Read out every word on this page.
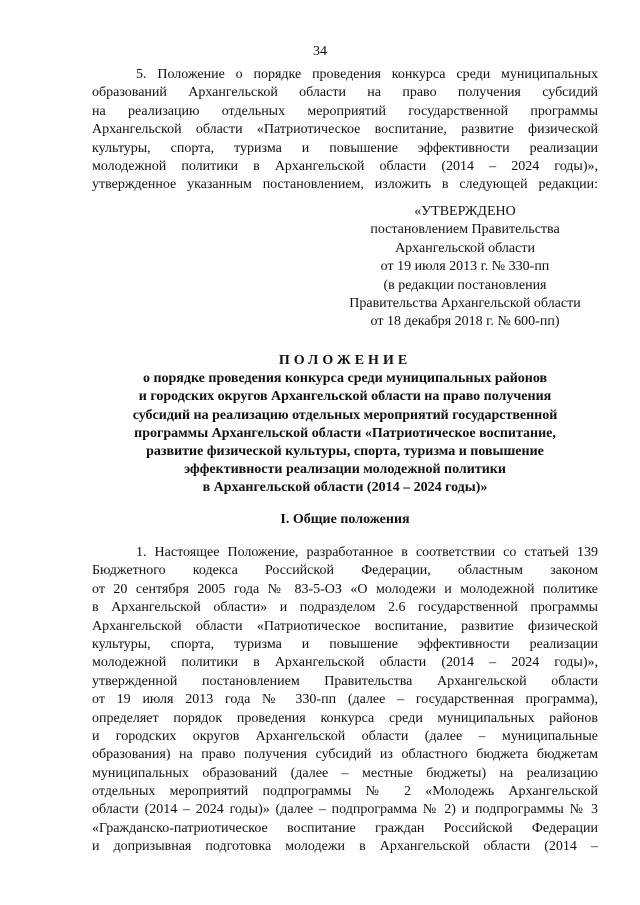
34
5. Положение о порядке проведения конкурса среди муниципальных
образований Архангельской области на право получения субсидий
на реализацию отдельных мероприятий государственной программы
Архангельской области «Патриотическое воспитание, развитие физической
культуры, спорта, туризма и повышение эффективности реализации
молодежной политики в Архангельской области (2014 – 2024 годы)»,
утвержденное указанным постановлением, изложить в следующей редакции:
«УТВЕРЖДЕНО
постановлением Правительства
Архангельской области
от 19 июля 2013 г. № 330-пп
(в редакции постановления
Правительства Архангельской области
от 18 декабря 2018 г. № 600-пп)
ПОЛОЖЕНИЕ
о порядке проведения конкурса среди муниципальных районов
и городских округов Архангельской области на право получения
субсидий на реализацию отдельных мероприятий государственной
программы Архангельской области «Патриотическое воспитание,
развитие физической культуры, спорта, туризма и повышение
эффективности реализации молодежной политики
в Архангельской области (2014 – 2024 годы)»
I. Общие положения
1. Настоящее Положение, разработанное в соответствии со статьей 139
Бюджетного кодекса Российской Федерации, областным законом
от 20 сентября 2005 года № 83-5-ОЗ «О молодежи и молодежной политике
в Архангельской области» и подразделом 2.6 государственной программы
Архангельской области «Патриотическое воспитание, развитие физической
культуры, спорта, туризма и повышение эффективности реализации
молодежной политики в Архангельской области (2014 – 2024 годы)»,
утвержденной постановлением Правительства Архангельской области
от 19 июля 2013 года № 330-пп (далее – государственная программа),
определяет порядок проведения конкурса среди муниципальных районов
и городских округов Архангельской области (далее – муниципальные
образования) на право получения субсидий из областного бюджета бюджетам
муниципальных образований (далее – местные бюджеты) на реализацию
отдельных мероприятий подпрограммы № 2 «Молодежь Архангельской
области (2014 – 2024 годы)» (далее – подпрограмма № 2) и подпрограммы № 3
«Гражданско-патриотическое воспитание граждан Российской Федерации
и допризывная подготовка молодежи в Архангельской области (2014 –
